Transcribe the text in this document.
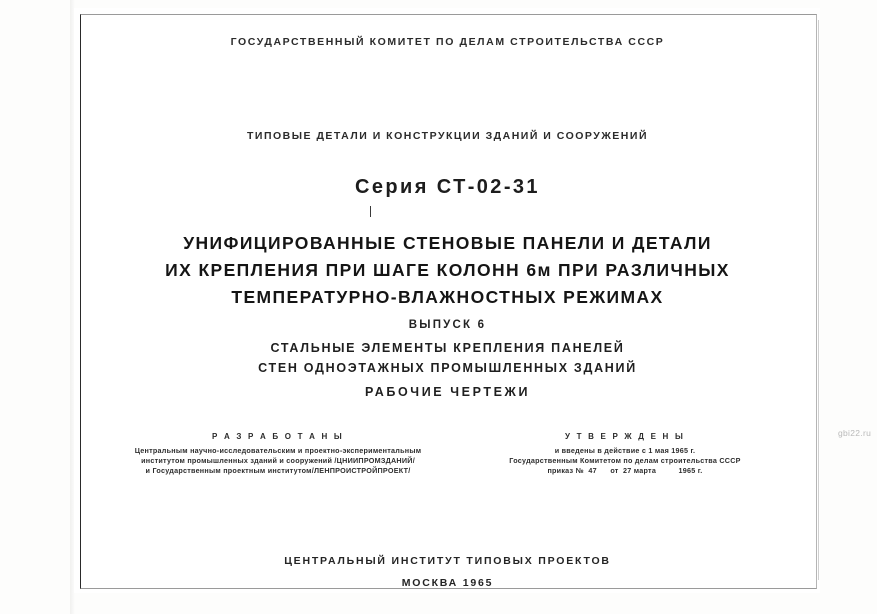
ГОСУДАРСТВЕННЫЙ КОМИТЕТ ПО ДЕЛАМ СТРОИТЕЛЬСТВА СССР
ТИПОВЫЕ ДЕТАЛИ И КОНСТРУКЦИИ ЗДАНИЙ И СООРУЖЕНИЙ
Серия СТ-02-31
УНИФИЦИРОВАННЫЕ СТЕНОВЫЕ ПАНЕЛИ И ДЕТАЛИ
ИХ КРЕПЛЕНИЯ ПРИ ШАГЕ КОЛОНН 6м ПРИ РАЗЛИЧНЫХ
ТЕМПЕРАТУРНО-ВЛАЖНОСТНЫХ РЕЖИМАХ
ВЫПУСК 6
СТАЛЬНЫЕ ЭЛЕМЕНТЫ КРЕПЛЕНИЯ ПАНЕЛЕЙ
СТЕН ОДНОЭТАЖНЫХ ПРОМЫШЛЕННЫХ ЗДАНИЙ
РАБОЧИЕ ЧЕРТЕЖИ
Р А З Р А Б О Т А Н Ы
Центральным научно-исследовательским и проектно-экспериментальным
институтом промышленных зданий и сооружений /ЦНИИПРОМЗДАНИЙ/
и Государственным проектным институтом/ЛЕНПРОИСТРОЙПРОЕКТ/
У Т В Е Р Ж Д Е Н Ы
и введены в действие с 1 мая 1965 г.
Государственным Комитетом по делам строительства СССР
приказ №  47      от  27 марта          1965 г.
ЦЕНТРАЛЬНЫЙ ИНСТИТУТ ТИПОВЫХ ПРОЕКТОВ
МОСКВА 1965
gbi22.ru
